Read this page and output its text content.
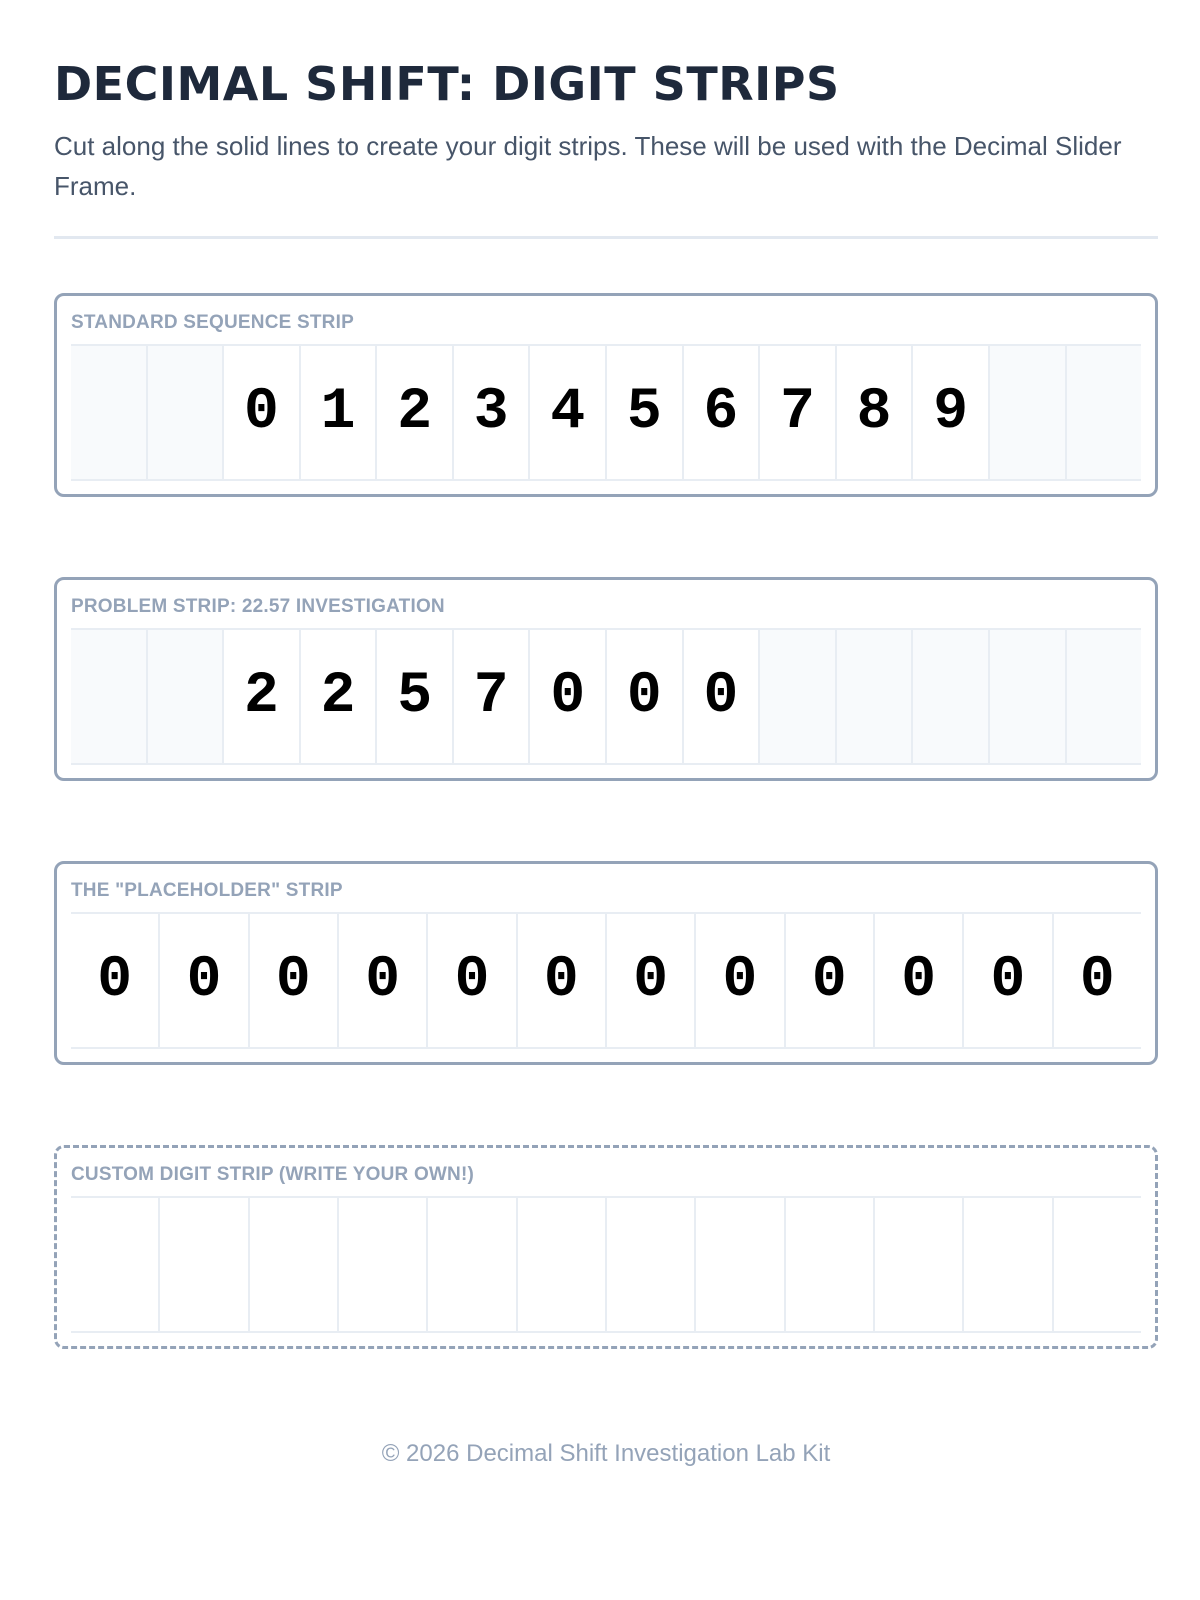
DECIMAL SHIFT: DIGIT STRIPS

Cut along the solid lines to create your digit strips. These will be used with the Decimal Slider Frame.

STANDARD SEQUENCE STRIP
0 1 2 3 4 5 6 7 8 9
PROBLEM STRIP: 22.57 INVESTIGATION
2 2 5 7 0 0 0
THE "PLACEHOLDER" STRIP
0 0 0 0 0 0 0 0 0 0 0 0
CUSTOM DIGIT STRIP (WRITE YOUR OWN!)
© 2026 Decimal Shift Investigation Lab Kit
